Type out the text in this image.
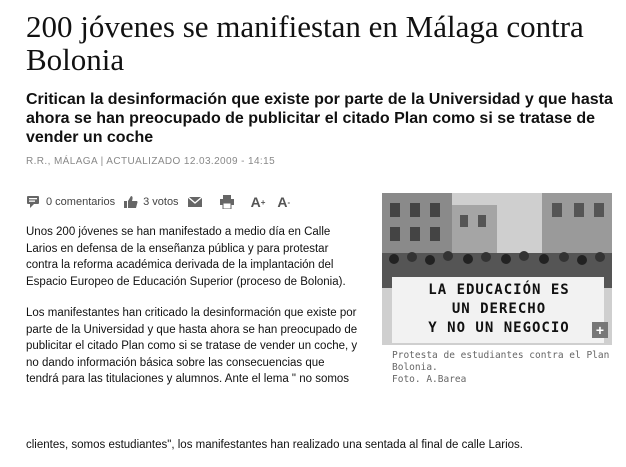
200 jóvenes se manifiestan en Málaga contra Bolonia
Critican la desinformación que existe por parte de la Universidad y que hasta ahora se han preocupado de publicitar el citado Plan como si se tratase de vender un coche
R.R., MÁLAGA | ACTUALIZADO 12.03.2009 - 14:15
0 comentarios	3 votos	A + A -

Unos 200 jóvenes se han manifestado a medio día en Calle Larios en defensa de la enseñanza pública y para protestar contra la reforma académica derivada de la implantación del Espacio Europeo de Educación Superior (proceso de Bolonia).

Los manifestantes han criticado la desinformación que existe por parte de la Universidad y que hasta ahora se han preocupado de publicitar el citado Plan como si se tratase de vender un coche, y no dando información básica sobre las consecuencias que tendrá para las titulaciones y alumnos. Ante el lema " no somos

clientes, somos estudiantes", los manifestantes han realizado una sentada al final de calle Larios.
LA EDUCACIÓN ES
UN DERECHO
Y NO UN NEGOCIO	+
Protesta de estudiantes contra el Plan
Bolonia.
Foto. A.Barea
